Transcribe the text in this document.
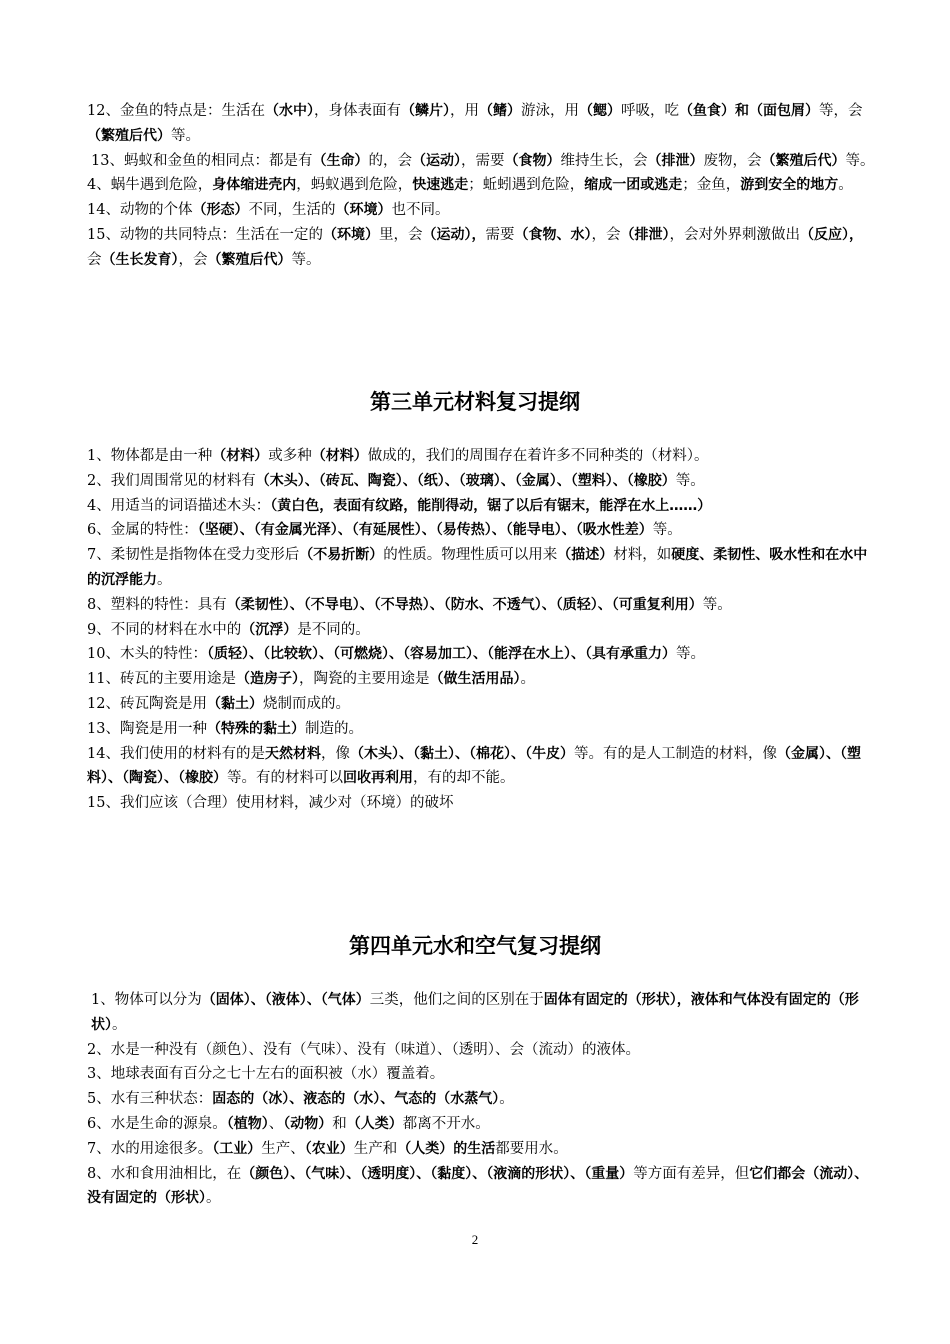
12、金鱼的特点是：生活在（水中），身体表面有（鳞片），用（鳍）游泳，用（鳃）呼吸，吃（鱼食）和（面包屑）等，会（繁殖后代）等。

13、蚂蚁和金鱼的相同点：都是有（生命）的，会（运动），需要（食物）维持生长，会（排泄）废物，会（繁殖后代）等。

4、蜗牛遇到危险，身体缩进壳内，蚂蚁遇到危险，快速逃走；蚯蚓遇到危险，缩成一团或逃走；金鱼，游到安全的地方。

14、动物的个体（形态）不同，生活的（环境）也不同。

15、动物的共同特点：生活在一定的（环境）里，会（运动），需要（食物、水），会（排泄），会对外界刺激做出（反应），会（生长发育），会（繁殖后代）等。

第三单元材料复习提纲

1、物体都是由一种（材料）或多种（材料）做成的，我们的周围存在着许多不同种类的（材料）。

2、我们周围常见的材料有（木头）、（砖瓦、陶瓷）、（纸）、（玻璃）、（金属）、（塑料）、（橡胶）等。

4、用适当的词语描述木头：（黄白色，表面有纹路，能削得动，锯了以后有锯末，能浮在水上……）

6、金属的特性：（坚硬）、（有金属光泽）、（有延展性）、（易传热）、（能导电）、（吸水性差）等。

7、柔韧性是指物体在受力变形后（不易折断）的性质。物理性质可以用来（描述）材料，如硬度、柔韧性、吸水性和在水中的沉浮能力。

8、塑料的特性：具有（柔韧性）、（不导电）、（不导热）、（防水、不透气）、（质轻）、（可重复利用）等。

9、不同的材料在水中的（沉浮）是不同的。

10、木头的特性：（质轻）、（比较软）、（可燃烧）、（容易加工）、（能浮在水上）、（具有承重力）等。

11、砖瓦的主要用途是（造房子），陶瓷的主要用途是（做生活用品）。

12、砖瓦陶瓷是用（黏土）烧制而成的。

13、陶瓷是用一种（特殊的黏土）制造的。

14、我们使用的材料有的是天然材料，像（木头）、（黏土）、（棉花）、（牛皮）等。有的是人工制造的材料，像（金属）、（塑料）、（陶瓷）、（橡胶）等。有的材料可以回收再利用，有的却不能。

15、我们应该（合理）使用材料，减少对（环境）的破坏

第四单元水和空气复习提纲

1、物体可以分为（固体）、（液体）、（气体）三类，他们之间的区别在于固体有固定的（形状），液体和气体没有固定的（形状）。

2、水是一种没有（颜色）、没有（气味）、没有（味道）、（透明）、会（流动）的液体。

3、地球表面有百分之七十左右的面积被（水）覆盖着。

5、水有三种状态：固态的（冰）、液态的（水）、气态的（水蒸气）。

6、水是生命的源泉。（植物）、（动物）和（人类）都离不开水。

7、水的用途很多。（工业）生产、（农业）生产和（人类）的生活都要用水。

8、水和食用油相比，在（颜色）、（气味）、（透明度）、（黏度）、（液滴的形状）、（重量）等方面有差异，但它们都会（流动）、没有固定的（形状）。

2
